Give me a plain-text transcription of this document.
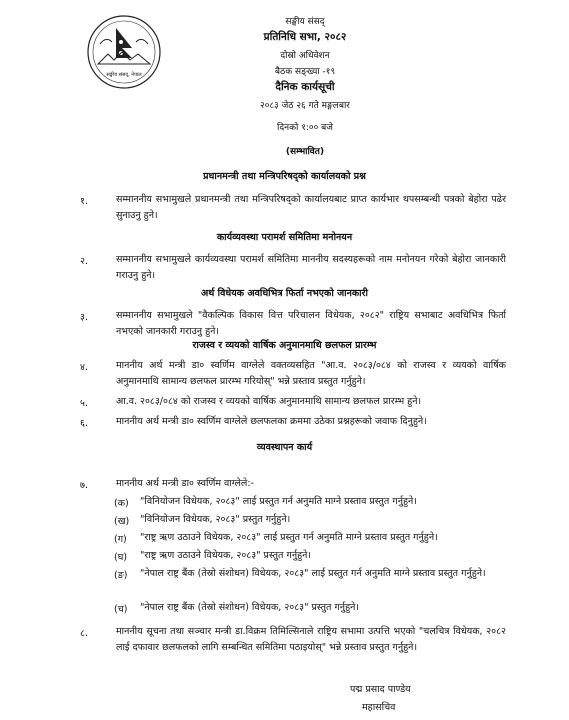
सङ्घीय संसद्, नेपाल
सङ्घीय संसद्
प्रतिनिधि सभा, २०८२
दोस्रो अधिवेशन
बैठक सङ्ख्या -१९
दैनिक कार्यसूची
२०८३ जेठ २६ गते मङ्गलबार
दिनको १:०० बजे
(सम्भावित)
प्रधानमन्त्री तथा मन्त्रिपरिषद्को कार्यालयको प्रश्न
१.	सम्माननीय सभामुखले प्रधानमन्त्री तथा मन्त्रिपरिषद्को कार्यालयबाट प्राप्त कार्यभार थपसम्बन्धी पत्रको बेहोरा पढेर सुनाउनु हुने।
कार्यव्यवस्था परामर्श समितिमा मनोनयन
२.	सम्माननीय सभामुखले कार्यव्यवस्था परामर्श समितिमा माननीय सदस्यहरूको नाम मनोनयन गरेको बेहोरा जानकारी गराउनु हुने।
अर्थ विधेयक अवधिभित्र फिर्ता नभएको जानकारी
३.	सम्माननीय सभामुखले "वैकल्पिक विकास वित्त परिचालन विधेयक, २०८२" राष्ट्रिय सभाबाट अवधिभित्र फिर्ता नभएको जानकारी गराउनु हुने।
राजस्व र व्ययको वार्षिक अनुमानमाथि छलफल प्रारम्भ
४.	माननीय अर्थ मन्त्री डा० स्वर्णिम वाग्लेले वक्तव्यसहित "आ.व. २०८३/०८४ को राजस्व र व्ययको वार्षिक अनुमानमाथि सामान्य छलफल प्रारम्भ गरियोस्" भन्ने प्रस्ताव प्रस्तुत गर्नुहुने।
५.	आ.व. २०८३/०८४ को राजस्व र व्ययको वार्षिक अनुमानमाथि सामान्य छलफल प्रारम्भ हुने।
६.	माननीय अर्थ मन्त्री डा० स्वर्णिम वाग्लेले छलफलका क्रममा उठेका प्रश्नहरूको जवाफ दिनुहुने।
व्यवस्थापन कार्य
७.	माननीय अर्थ मन्त्री डा० स्वर्णिम वाग्लेले:-
(क) "विनियोजन विधेयक, २०८३" लाई प्रस्तुत गर्न अनुमति माग्ने प्रस्ताव प्रस्तुत गर्नुहुने।
(ख) "विनियोजन विधेयक, २०८३" प्रस्तुत गर्नुहुने।
(ग) "राष्ट्र ऋण उठाउने विधेयक, २०८३" लाई प्रस्तुत गर्न अनुमति माग्ने प्रस्ताव प्रस्तुत गर्नुहुने।
(घ) "राष्ट्र ऋण उठाउने विधेयक, २०८३" प्रस्तुत गर्नुहुने।
(ङ) "नेपाल राष्ट्र बैंक (तेस्रो संशोधन) विधेयक, २०८३" लाई प्रस्तुत गर्न अनुमति माग्ने प्रस्ताव प्रस्तुत गर्नुहुने।
(च) "नेपाल राष्ट्र बैंक (तेस्रो संशोधन) विधेयक, २०८३" प्रस्तुत गर्नुहुने।
८.	माननीय सूचना तथा सञ्चार मन्त्री डा.विक्रम तिमिल्सिनाले राष्ट्रिय सभामा उत्पत्ति भएको "चलचित्र विधेयक, २०८२ लाई दफावार छलफलको लागि सम्बन्धित समितिमा पठाइयोस्" भन्ने प्रस्ताव प्रस्तुत गर्नुहुने।
पद्म प्रसाद पाण्डेय
महासचिव
